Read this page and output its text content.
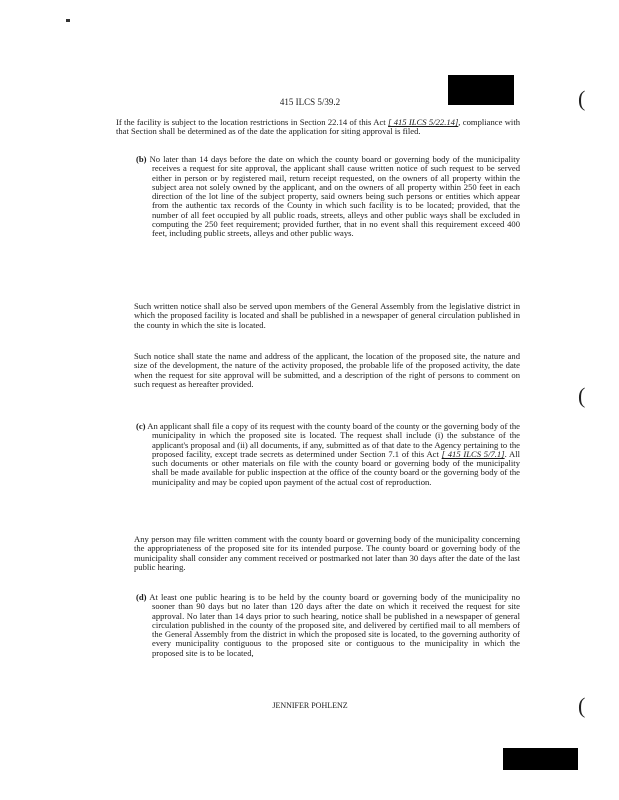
(
(
(
415 ILCS 5/39.2

If the facility is subject to the location restrictions in Section 22.14 of this Act [ 415 ILCS 5/22.14], compliance with that Section shall be determined as of the date the application for siting approval is filed.

(b) No later than 14 days before the date on which the county board or governing body of the municipality receives a request for site approval, the applicant shall cause written notice of such request to be served either in person or by registered mail, return receipt requested, on the owners of all property within the subject area not solely owned by the applicant, and on the owners of all property within 250 feet in each direction of the lot line of the subject property, said owners being such persons or entities which appear from the authentic tax records of the County in which such facility is to be located; provided, that the number of all feet occupied by all public roads, streets, alleys and other public ways shall be excluded in computing the 250 feet requirement; provided further, that in no event shall this requirement exceed 400 feet, including public streets, alleys and other public ways.

Such written notice shall also be served upon members of the General Assembly from the legislative district in which the proposed facility is located and shall be published in a newspaper of general circulation published in the county in which the site is located.

Such notice shall state the name and address of the applicant, the location of the proposed site, the nature and size of the development, the nature of the activity proposed, the probable life of the proposed activity, the date when the request for site approval will be submitted, and a description of the right of persons to comment on such request as hereafter provided.

(c) An applicant shall file a copy of its request with the county board of the county or the governing body of the municipality in which the proposed site is located. The request shall include (i) the substance of the applicant's proposal and (ii) all documents, if any, submitted as of that date to the Agency pertaining to the proposed facility, except trade secrets as determined under Section 7.1 of this Act [ 415 ILCS 5/7.1]. All such documents or other materials on file with the county board or governing body of the municipality shall be made available for public inspection at the office of the county board or the governing body of the municipality and may be copied upon payment of the actual cost of reproduction.

Any person may file written comment with the county board or governing body of the municipality concerning the appropriateness of the proposed site for its intended purpose. The county board or governing body of the municipality shall consider any comment received or postmarked not later than 30 days after the date of the last public hearing.

(d) At least one public hearing is to be held by the county board or governing body of the municipality no sooner than 90 days but no later than 120 days after the date on which it received the request for site approval. No later than 14 days prior to such hearing, notice shall be published in a newspaper of general circulation published in the county of the proposed site, and delivered by certified mail to all members of the General Assembly from the district in which the proposed site is located, to the governing authority of every municipality contiguous to the proposed site or contiguous to the municipality in which the proposed site is to be located,

JENNIFER POHLENZ
